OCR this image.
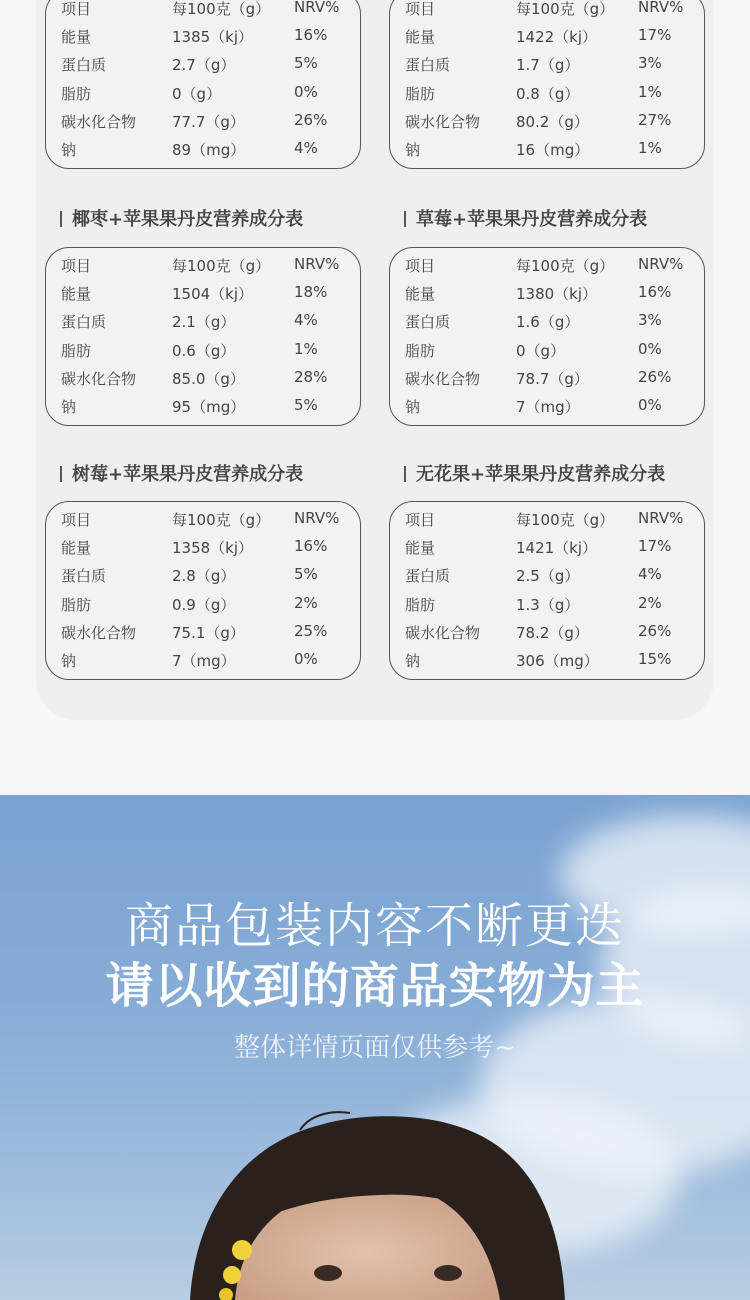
项目	每100克（g） NRV%
能量	1385（kj）	16%
蛋白质	2.7（g）	5%
脂肪	0（g）	0%
碳水化合物 77.7（g）	26%
钠	89（mg）	4%
项目	每100克（g） NRV%
能量	1422（kj）	17%
蛋白质	1.7（g）	3%
脂肪	0.8（g）	1%
碳水化合物 80.2（g）	27%
钠	16（mg）	1%
椰枣+苹果果丹皮营养成分表	草莓+苹果果丹皮营养成分表
项目	每100克（g） NRV%
能量	1504（kj）	18%
蛋白质	2.1（g）	4%
脂肪	0.6（g）	1%
碳水化合物 85.0（g）	28%
钠	95（mg）	5%
项目	每100克（g） NRV%
能量	1380（kj）	16%
蛋白质	1.6（g）	3%
脂肪	0（g）	0%
碳水化合物 78.7（g）	26%
钠	7（mg）	0%
树莓+苹果果丹皮营养成分表	无花果+苹果果丹皮营养成分表
项目	每100克（g） NRV%
能量	1358（kj）	16%
蛋白质	2.8（g）	5%
脂肪	0.9（g）	2%
碳水化合物 75.1（g）	25%
钠	7（mg）	0%
项目	每100克（g） NRV%
能量	1421（kj）	17%
蛋白质	2.5（g）	4%
脂肪	1.3（g）	2%
碳水化合物 78.2（g）	26%
钠	306（mg）	15%
商品包装内容不断更迭
请以收到的商品实物为主
整体详情页面仅供参考~
